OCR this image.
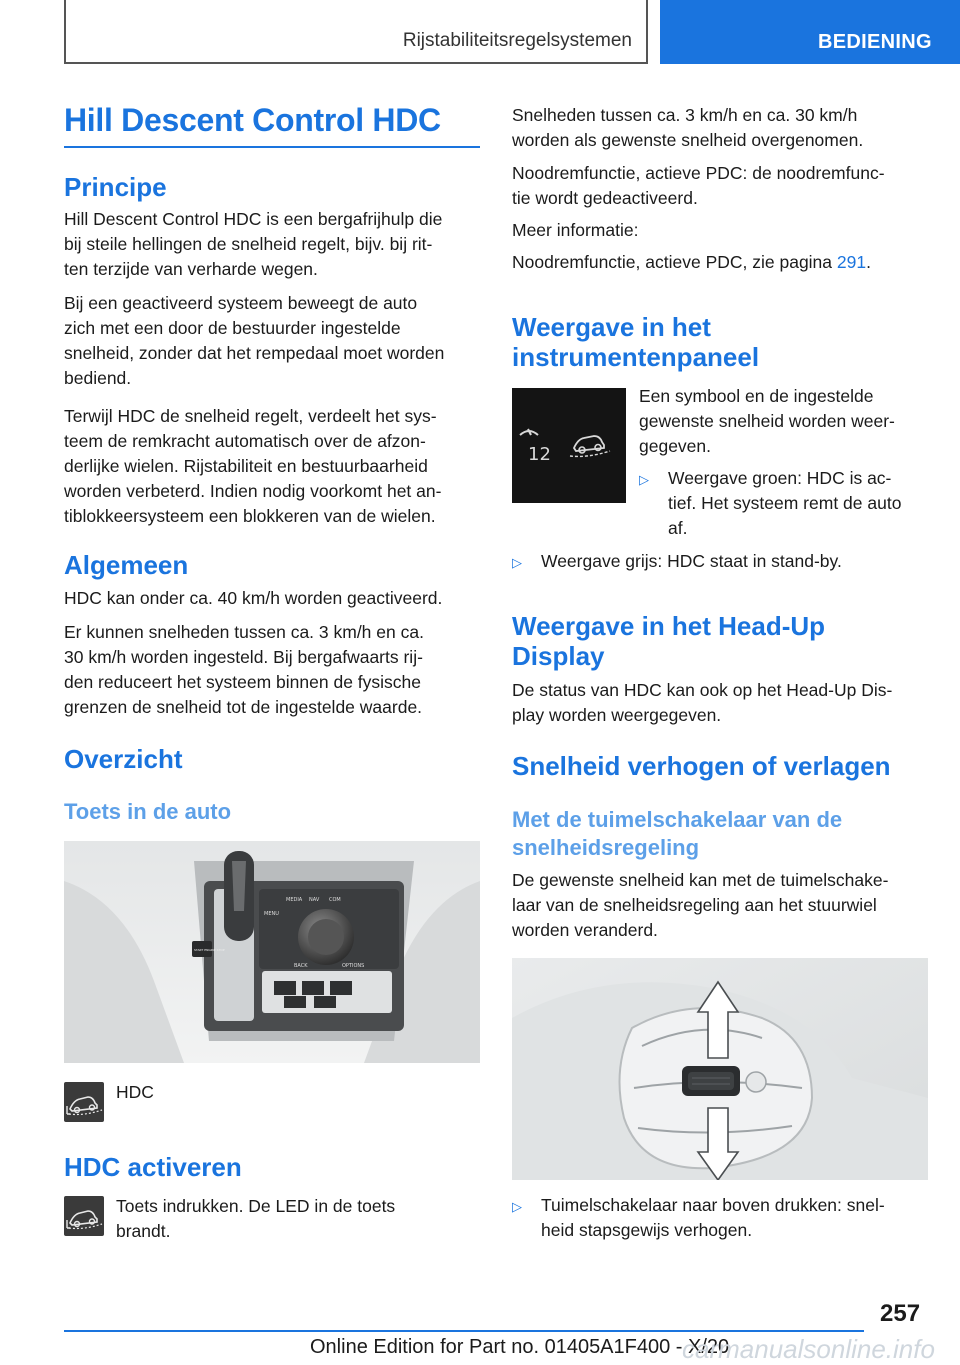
Rijstabiliteitsregelsystemen	BEDIENING
Hill Descent Control HDC
Principe
Hill Descent Control HDC is een bergafrijhulp die
bij steile hellingen de snelheid regelt, bijv. bij rit‐
ten terzijde van verharde wegen.
Bij een geactiveerd systeem beweegt de auto
zich met een door de bestuurder ingestelde
snelheid, zonder dat het rempedaal moet worden
bediend.
Terwijl HDC de snelheid regelt, verdeelt het sys‐
teem de remkracht automatisch over de afzon‐
derlijke wielen. Rijstabiliteit en bestuurbaarheid
worden verbeterd. Indien nodig voorkomt het an‐
tiblokkeersysteem een blokkeren van de wielen.
Algemeen
HDC kan onder ca. 40 km/h worden geactiveerd.
Er kunnen snelheden tussen ca. 3 km/h en ca.
30 km/h worden ingesteld. Bij bergafwaarts rij‐
den reduceert het systeem binnen de fysische
grenzen de snelheid tot de ingestelde waarde.
Overzicht
Toets in de auto
MEDIA NAV COM
MENU
BACK	OPTIONS
START ENGINE STOP
HDC
HDC activeren
Toets indrukken. De LED in de toets
brandt.
Snelheden tussen ca. 3 km/h en ca. 30 km/h
worden als gewenste snelheid overgenomen.
Noodremfunctie, actieve PDC: de noodremfunc‐
tie wordt gedeactiveerd.
Meer informatie:
Noodremfunctie, actieve PDC, zie pagina 291.
Weergave in het
instrumentenpaneel
12
Een symbool en de ingestelde
gewenste snelheid worden weer‐
gegeven.
▷ Weergave groen: HDC is ac‐
tief. Het systeem remt de auto
af.
▷	Weergave grijs: HDC staat in stand-by.
Weergave in het Head-Up
Display
De status van HDC kan ook op het Head-Up Dis‐
play worden weergegeven.
Snelheid verhogen of verlagen
Met de tuimelschakelaar van de
snelheidsregeling
De gewenste snelheid kan met de tuimelschake‐
laar van de snelheidsregeling aan het stuurwiel
worden veranderd.
▷ Tuimelschakelaar naar boven drukken: snel‐
heid stapsgewijs verhogen.
257
Online Edition for Part no. 01405A1F400 - X/20
carmanualsonline.info
